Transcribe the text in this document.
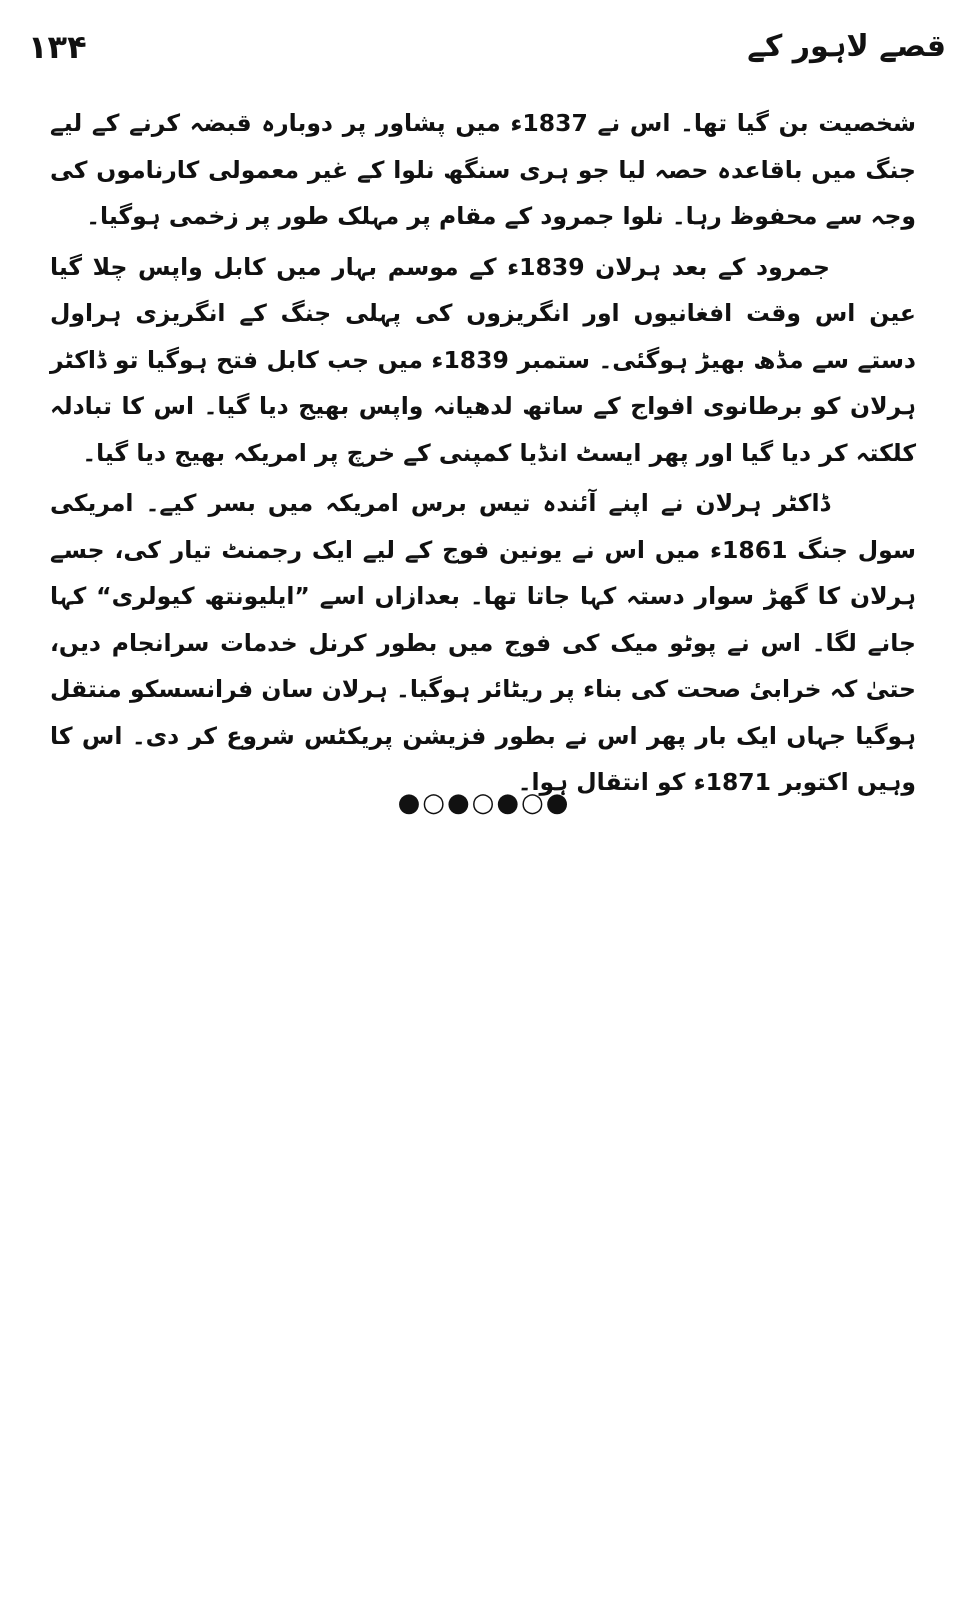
قصے لاہور کے
۱۳۴

شخصیت بن گیا تھا۔ اس نے 1837ء میں پشاور پر دوبارہ قبضہ کرنے کے لیے جنگ میں باقاعدہ حصہ لیا جو ہری سنگھ نلوا کے غیر معمولی کارناموں کی وجہ سے محفوظ رہا۔ نلوا جمرود کے مقام پر مہلک طور پر زخمی ہوگیا۔

جمرود کے بعد ہرلان 1839ء کے موسم بہار میں کابل واپس چلا گیا عین اس وقت افغانیوں اور انگریزوں کی پہلی جنگ کے انگریزی ہراول دستے سے مڈھ بھیڑ ہوگئی۔ ستمبر 1839ء میں جب کابل فتح ہوگیا تو ڈاکٹر ہرلان کو برطانوی افواج کے ساتھ لدھیانہ واپس بھیج دیا گیا۔ اس کا تبادلہ کلکتہ کر دیا گیا اور پھر ایسٹ انڈیا کمپنی کے خرچ پر امریکہ بھیج دیا گیا۔

ڈاکٹر ہرلان نے اپنے آئندہ تیس برس امریکہ میں بسر کیے۔ امریکی سول جنگ 1861ء میں اس نے یونین فوج کے لیے ایک رجمنٹ تیار کی، جسے ہرلان کا گھڑ سوار دستہ کہا جاتا تھا۔ بعدازاں اسے ”ایلیونتھ کیولری“ کہا جانے لگا۔ اس نے پوٹو میک کی فوج میں بطور کرنل خدمات سرانجام دیں، حتیٰ کہ خرابیٔ صحت کی بناء پر ریٹائر ہوگیا۔ ہرلان سان فرانسسکو منتقل ہوگیا جہاں ایک بار پھر اس نے بطور فزیشن پریکٹس شروع کر دی۔ اس کا وہیں اکتوبر 1871ء کو انتقال ہوا۔

●○●○●○●
